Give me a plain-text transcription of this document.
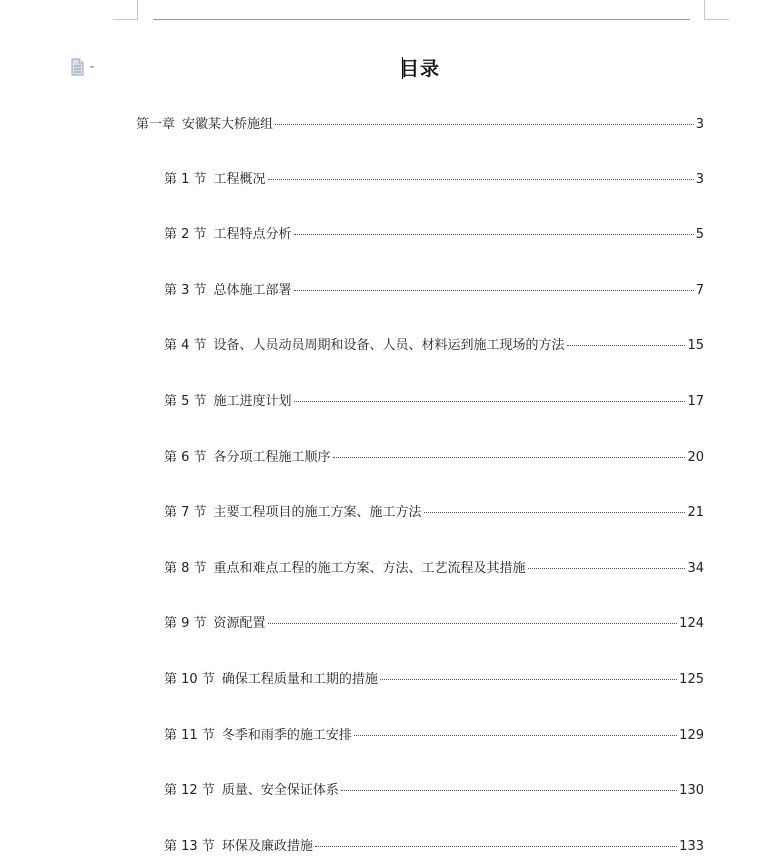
目录
第一章 安徽某大桥施组	3
第 1 节 工程概况	3
第 2 节 工程特点分析	5
第 3 节 总体施工部署	7
第 4 节 设备、人员动员周期和设备、人员、材料运到施工现场的方法	15
第 5 节 施工进度计划	17
第 6 节 各分项工程施工顺序	20
第 7 节 主要工程项目的施工方案、施工方法	21
第 8 节 重点和难点工程的施工方案、方法、工艺流程及其措施	34
第 9 节 资源配置	124
第 10 节 确保工程质量和工期的措施	125
第 11 节 冬季和雨季的施工安排	129
第 12 节 质量、安全保证体系	130
第 13 节 环保及廉政措施	133
